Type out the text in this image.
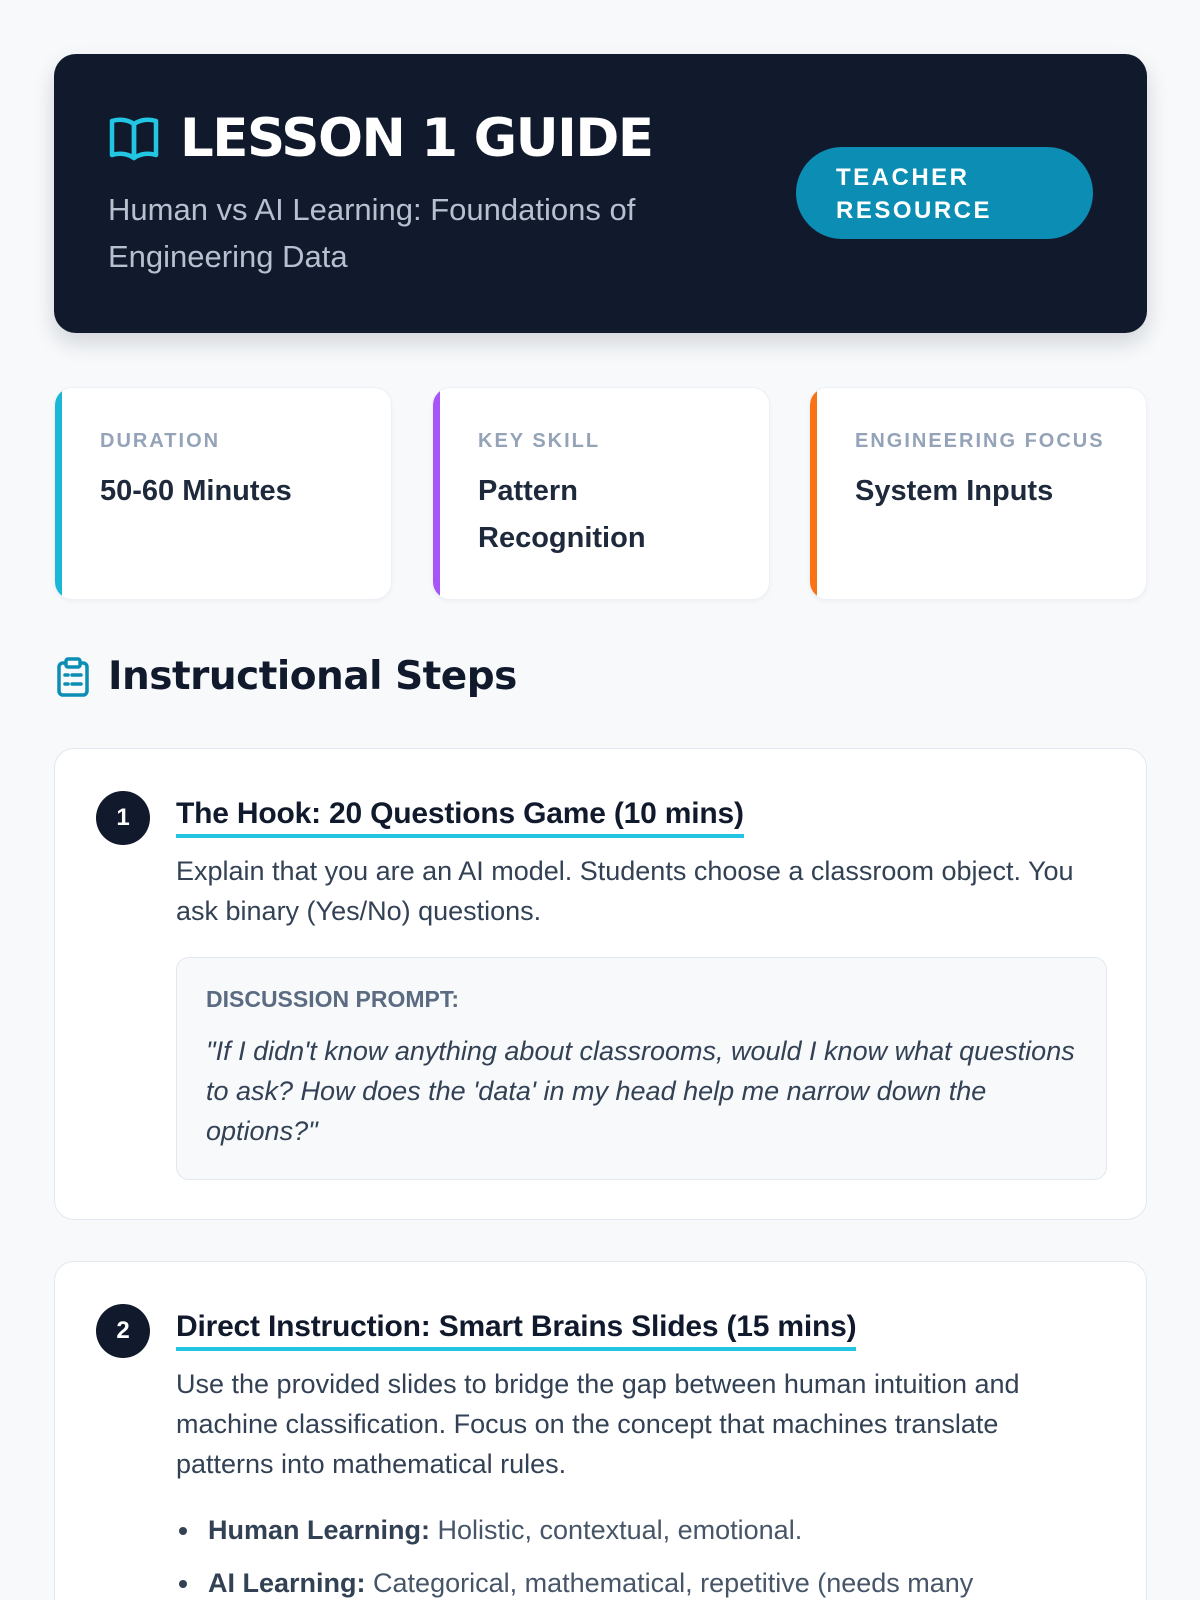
LESSON 1 GUIDE

Human vs AI Learning: Foundations of Engineering Data

TEACHER RESOURCE
DURATION
50-60 Minutes
KEY SKILL
Pattern Recognition
ENGINEERING FOCUS
System Inputs
Instructional Steps
1	The Hook: 20 Questions Game (10 mins)

Explain that you are an AI model. Students choose a classroom object. You ask binary (Yes/No) questions.

DISCUSSION PROMPT:

"If I didn't know anything about classrooms, would I know what questions to ask? How does the 'data' in my head help me narrow down the options?"

2	Direct Instruction: Smart Brains Slides (15 mins)

Use the provided slides to bridge the gap between human intuition and machine classification. Focus on the concept that machines translate patterns into mathematical rules.

Human Learning: Holistic, contextual, emotional.
AI Learning: Categorical, mathematical, repetitive (needs many
